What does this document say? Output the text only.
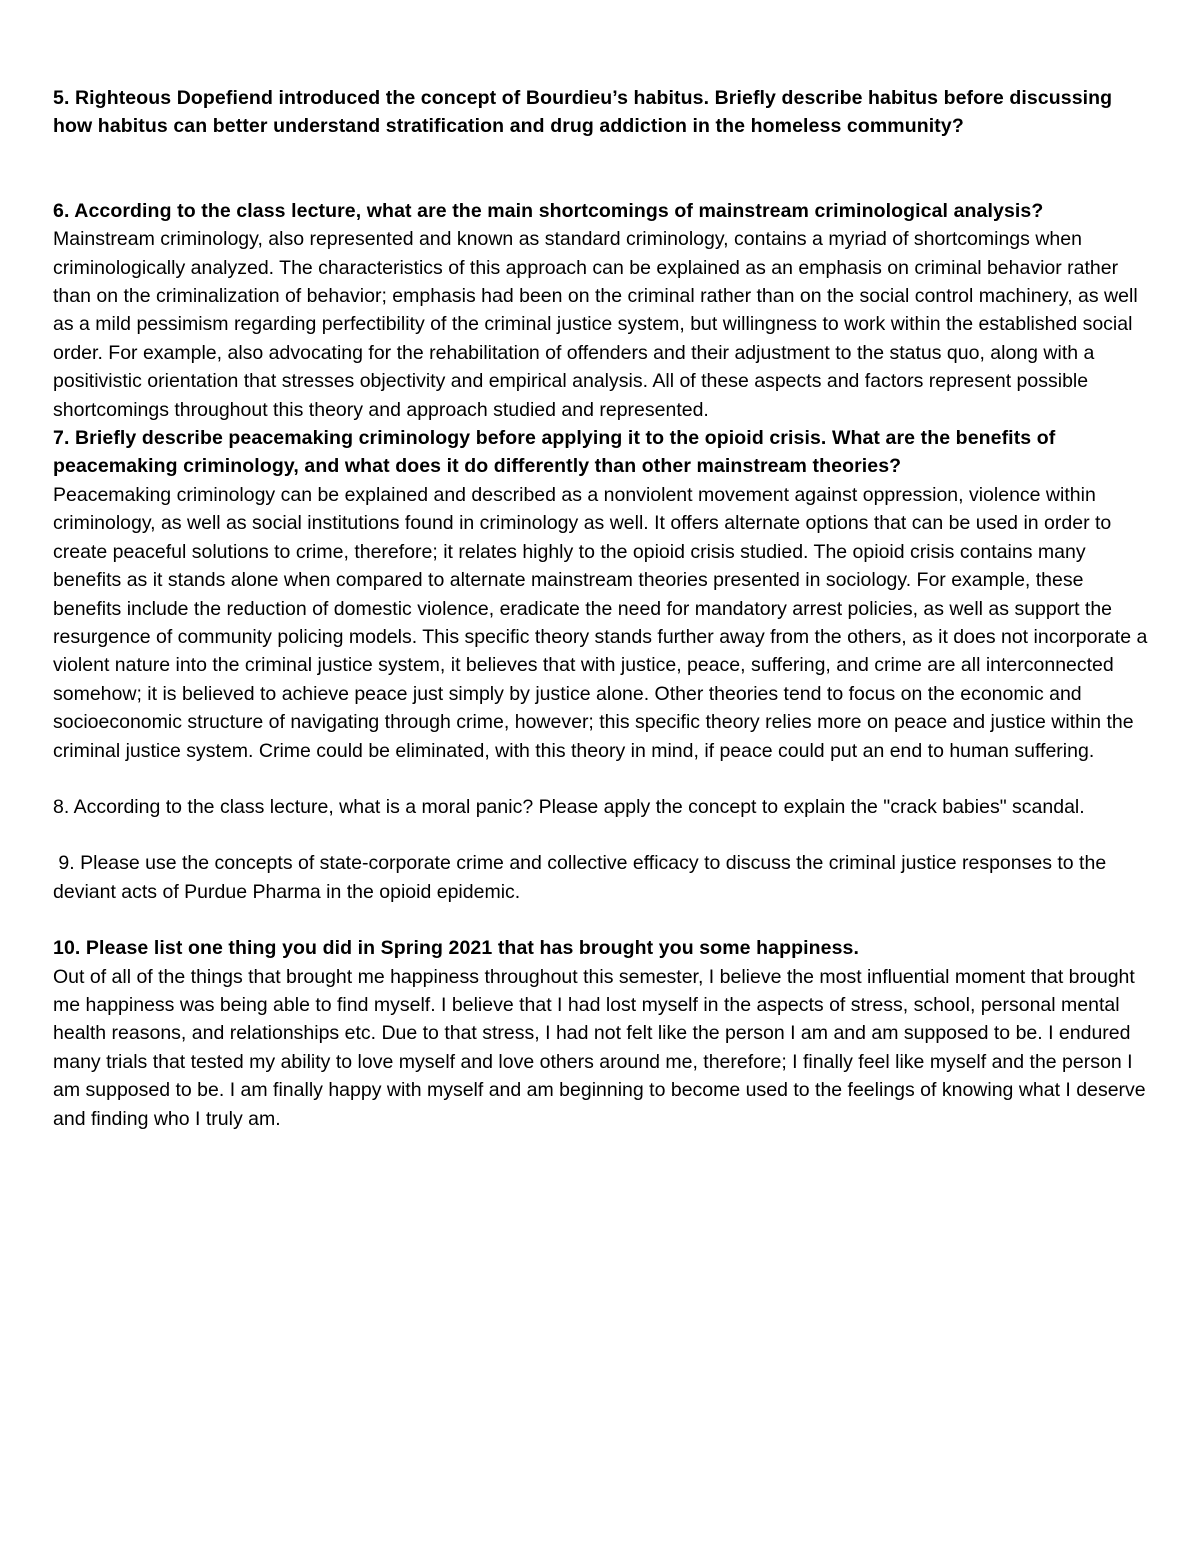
5. Righteous Dopefiend introduced the concept of Bourdieu’s habitus. Briefly describe habitus before discussing how habitus can better understand stratification and drug addiction in the homeless community?

6. According to the class lecture, what are the main shortcomings of mainstream criminological analysis?

Mainstream criminology, also represented and known as standard criminology, contains a myriad of shortcomings when criminologically analyzed. The characteristics of this approach can be explained as an emphasis on criminal behavior rather than on the criminalization of behavior; emphasis had been on the criminal rather than on the social control machinery, as well as a mild pessimism regarding perfectibility of the criminal justice system, but willingness to work within the established social order. For example, also advocating for the rehabilitation of offenders and their adjustment to the status quo, along with a positivistic orientation that stresses objectivity and empirical analysis. All of these aspects and factors represent possible shortcomings throughout this theory and approach studied and represented.

7. Briefly describe peacemaking criminology before applying it to the opioid crisis. What are the benefits of peacemaking criminology, and what does it do differently than other mainstream theories?

Peacemaking criminology can be explained and described as a nonviolent movement against oppression, violence within criminology, as well as social institutions found in criminology as well. It offers alternate options that can be used in order to create peaceful solutions to crime, therefore; it relates highly to the opioid crisis studied. The opioid crisis contains many benefits as it stands alone when compared to alternate mainstream theories presented in sociology. For example, these benefits include the reduction of domestic violence, eradicate the need for mandatory arrest policies, as well as support the resurgence of community policing models. This specific theory stands further away from the others, as it does not incorporate a violent nature into the criminal justice system, it believes that with justice, peace, suffering, and crime are all interconnected somehow; it is believed to achieve peace just simply by justice alone. Other theories tend to focus on the economic and socioeconomic structure of navigating through crime, however; this specific theory relies more on peace and justice within the criminal justice system. Crime could be eliminated, with this theory in mind, if peace could put an end to human suffering.

8. According to the class lecture, what is a moral panic? Please apply the concept to explain the "crack babies" scandal.

9. Please use the concepts of state-corporate crime and collective efficacy to discuss the criminal justice responses to the deviant acts of Purdue Pharma in the opioid epidemic.

10. Please list one thing you did in Spring 2021 that has brought you some happiness.

Out of all of the things that brought me happiness throughout this semester, I believe the most influential moment that brought me happiness was being able to find myself. I believe that I had lost myself in the aspects of stress, school, personal mental health reasons, and relationships etc. Due to that stress, I had not felt like the person I am and am supposed to be. I endured many trials that tested my ability to love myself and love others around me, therefore; I finally feel like myself and the person I am supposed to be. I am finally happy with myself and am beginning to become used to the feelings of knowing what I deserve and finding who I truly am.
